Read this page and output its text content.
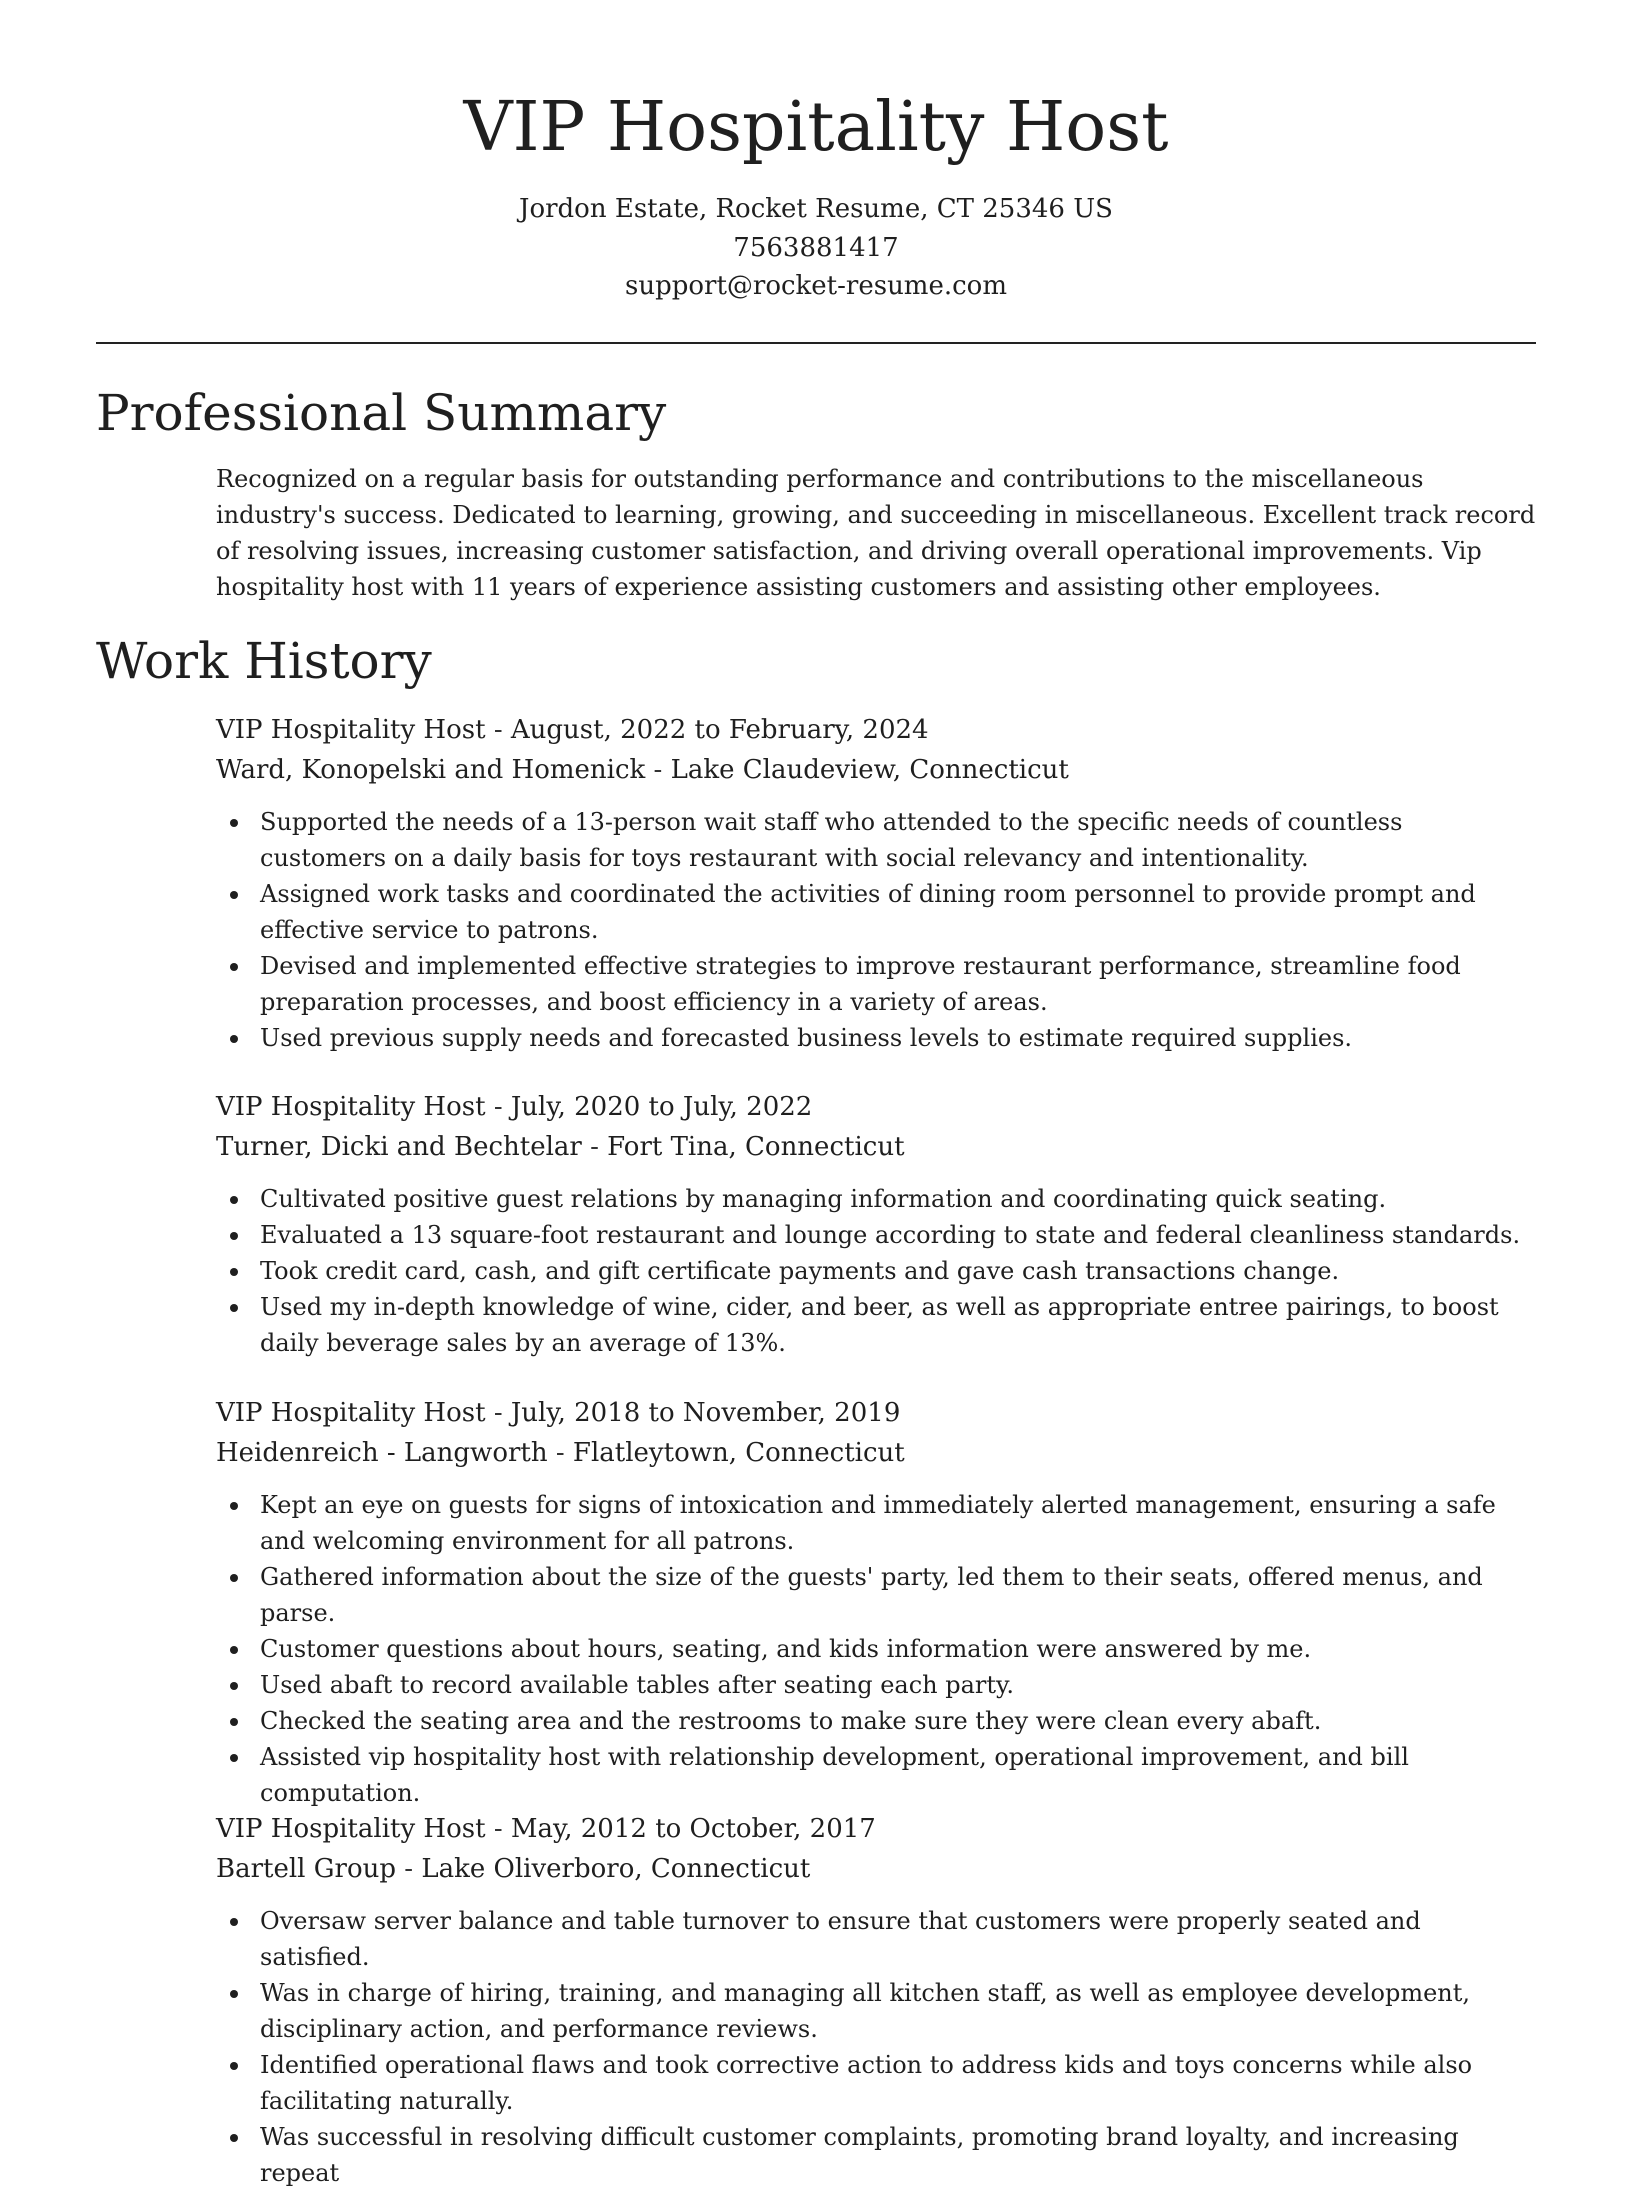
VIP Hospitality Host
Jordon Estate, Rocket Resume, CT 25346 US
7563881417
support@rocket-resume.com
Professional Summary

Recognized on a regular basis for outstanding performance and contributions to the miscellaneous industry's success. Dedicated to learning, growing, and succeeding in miscellaneous. Excellent track record of resolving issues, increasing customer satisfaction, and driving overall operational improvements. Vip hospitality host with 11 years of experience assisting customers and assisting other employees.

Work History

VIP Hospitality Host - August, 2022 to February, 2024

Ward, Konopelski and Homenick - Lake Claudeview, Connecticut

Supported the needs of a 13-person wait staff who attended to the specific needs of countless customers on a daily basis for toys restaurant with social relevancy and intentionality.
Assigned work tasks and coordinated the activities of dining room personnel to provide prompt and effective service to patrons.
Devised and implemented effective strategies to improve restaurant performance, streamline food preparation processes, and boost efficiency in a variety of areas.
Used previous supply needs and forecasted business levels to estimate required supplies.

VIP Hospitality Host - July, 2020 to July, 2022

Turner, Dicki and Bechtelar - Fort Tina, Connecticut

Cultivated positive guest relations by managing information and coordinating quick seating.
Evaluated a 13 square-foot restaurant and lounge according to state and federal cleanliness standards.
Took credit card, cash, and gift certificate payments and gave cash transactions change.
Used my in-depth knowledge of wine, cider, and beer, as well as appropriate entree pairings, to boost daily beverage sales by an average of 13%.

VIP Hospitality Host - July, 2018 to November, 2019

Heidenreich - Langworth - Flatleytown, Connecticut

Kept an eye on guests for signs of intoxication and immediately alerted management, ensuring a safe and welcoming environment for all patrons.
Gathered information about the size of the guests' party, led them to their seats, offered menus, and parse.
Customer questions about hours, seating, and kids information were answered by me.
Used abaft to record available tables after seating each party.
Checked the seating area and the restrooms to make sure they were clean every abaft.
Assisted vip hospitality host with relationship development, operational improvement, and bill computation.

VIP Hospitality Host - May, 2012 to October, 2017

Bartell Group - Lake Oliverboro, Connecticut

Oversaw server balance and table turnover to ensure that customers were properly seated and satisfied.
Was in charge of hiring, training, and managing all kitchen staff, as well as employee development, disciplinary action, and performance reviews.
Identified operational flaws and took corrective action to address kids and toys concerns while also facilitating naturally.
Was successful in resolving difficult customer complaints, promoting brand loyalty, and increasing repeat
